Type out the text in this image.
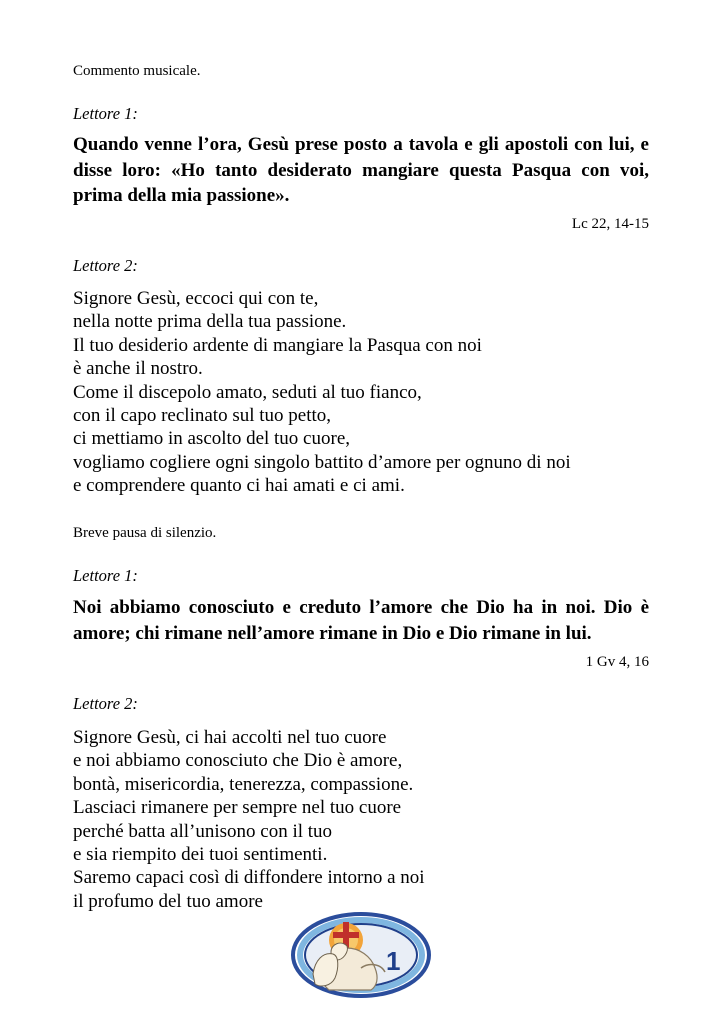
Commento musicale.
Lettore 1:
Quando venne l’ora, Gesù prese posto a tavola e gli apostoli con lui, e disse loro: «Ho tanto desiderato mangiare questa Pasqua con voi, prima della mia passione».
Lc 22, 14-15
Lettore 2:
Signore Gesù, eccoci qui con te,
nella notte prima della tua passione.
Il tuo desiderio ardente di mangiare la Pasqua con noi
è anche il nostro.
Come il discepolo amato, seduti al tuo fianco,
con il capo reclinato sul tuo petto,
ci mettiamo in ascolto del tuo cuore,
vogliamo cogliere ogni singolo battito d’amore per ognuno di noi
e comprendere quanto ci hai amati e ci ami.
Breve pausa di silenzio.
Lettore 1:
Noi abbiamo conosciuto e creduto l’amore che Dio ha in noi. Dio è amore; chi rimane nell’amore rimane in Dio e Dio rimane in lui.
1 Gv 4, 16
Lettore 2:
Signore Gesù, ci hai accolti nel tuo cuore
e noi abbiamo conosciuto che Dio è amore,
bontà, misericordia, tenerezza, compassione.
Lasciaci rimanere per sempre nel tuo cuore
perché batta all’unisono con il tuo
e sia riempito dei tuoi sentimenti.
Saremo capaci così di diffondere intorno a noi
il profumo del tuo amore
1
